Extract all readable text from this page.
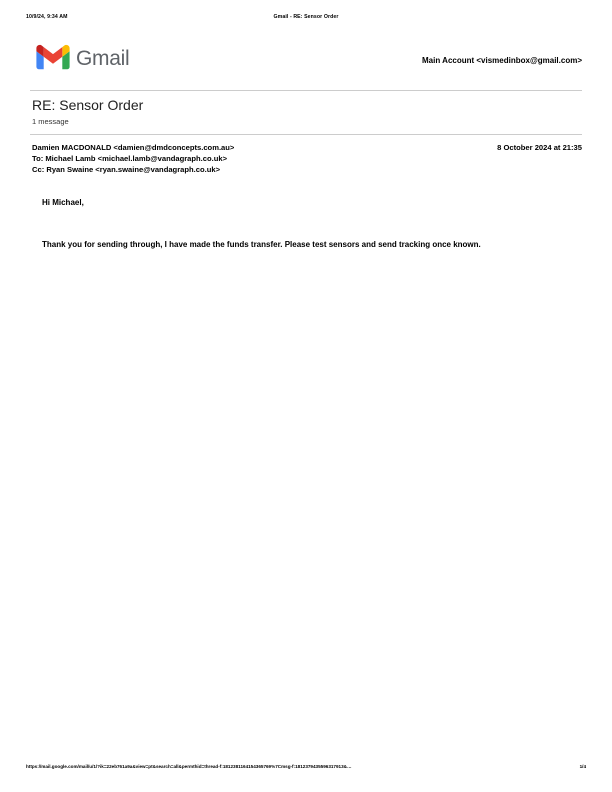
10/9/24, 9:34 AM	Gmail - RE: Sensor Order
Gmail	Main Account <vismedinbox@gmail.com>
RE: Sensor Order

1 message

Damien MACDONALD <damien@dmdconcepts.com.au>
To: Michael Lamb <michael.lamb@vandagraph.co.uk>
Cc: Ryan Swaine <ryan.swaine@vandagraph.co.uk>
8 October 2024 at 21:35

Hi Michael,

Thank you for sending through, I have made the funds transfer. Please test sensors and send tracking once known.

https://mail.google.com/mail/u/1/?ik=22eb761a9a&view=pt&search=all&permthid=thread-f:1812381164154365769%7Cmsg-f:1812379435596317913&…	1/4
